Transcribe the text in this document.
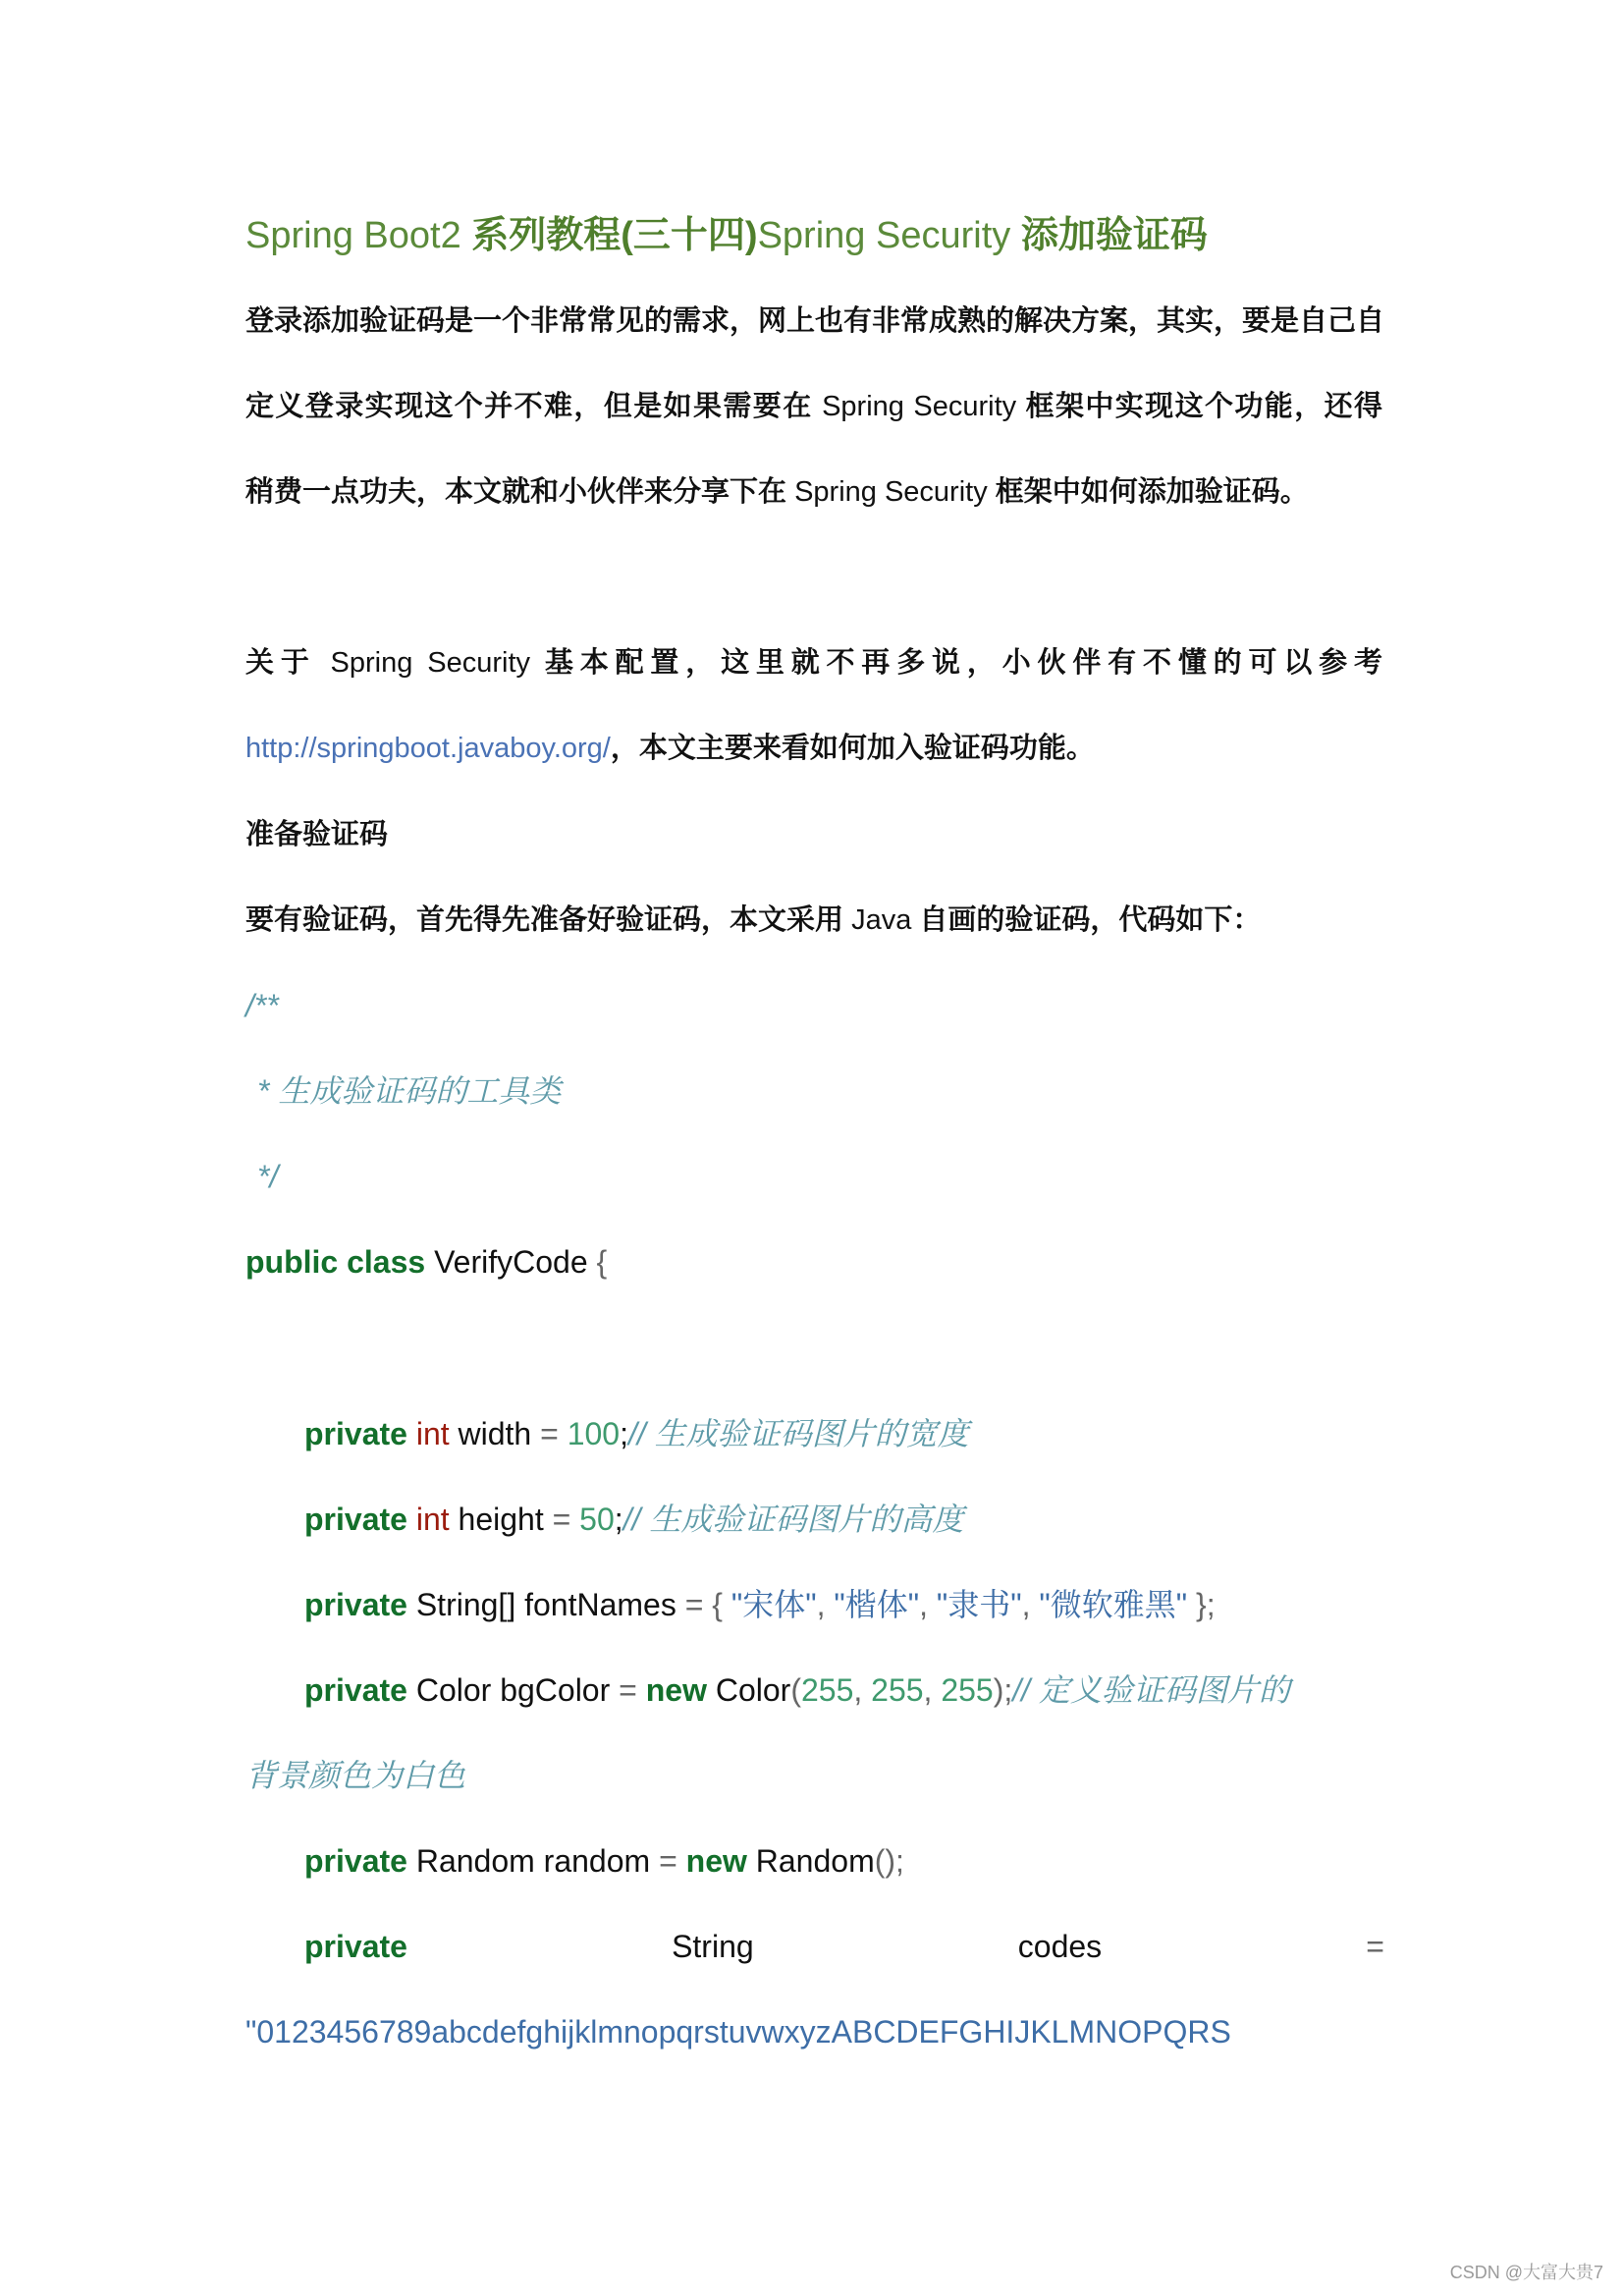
Spring Boot2 系列教程(三十四)Spring Security 添加验证码
登录添加验证码是一个非常常见的需求，网上也有非常成熟的解决方案，其实，要是自己自
定义登录实现这个并不难，但是如果需要在 Spring Security 框架中实现这个功能，还得
稍费一点功夫，本文就和小伙伴来分享下在 Spring Security 框架中如何添加验证码。
关于 Spring Security 基本配置，这里就不再多说，小伙伴有不懂的可以参考
http://springboot.javaboy.org/，本文主要来看如何加入验证码功能。
准备验证码
要有验证码，首先得先准备好验证码，本文采用 Java 自画的验证码，代码如下：
/**
* 生成验证码的工具类
*/
public class VerifyCode {
private int width = 100;// 生成验证码图片的宽度
private int height = 50;// 生成验证码图片的高度
private String[] fontNames = { "宋体", "楷体", "隶书", "微软雅黑" };
private Color bgColor = new Color(255, 255, 255);// 定义验证码图片的
背景颜色为白色
private Random random = new Random();
private	String	codes	=
"0123456789abcdefghijklmnopqrstuvwxyzABCDEFGHIJKLMNOPQRS
CSDN @大富大贵7
